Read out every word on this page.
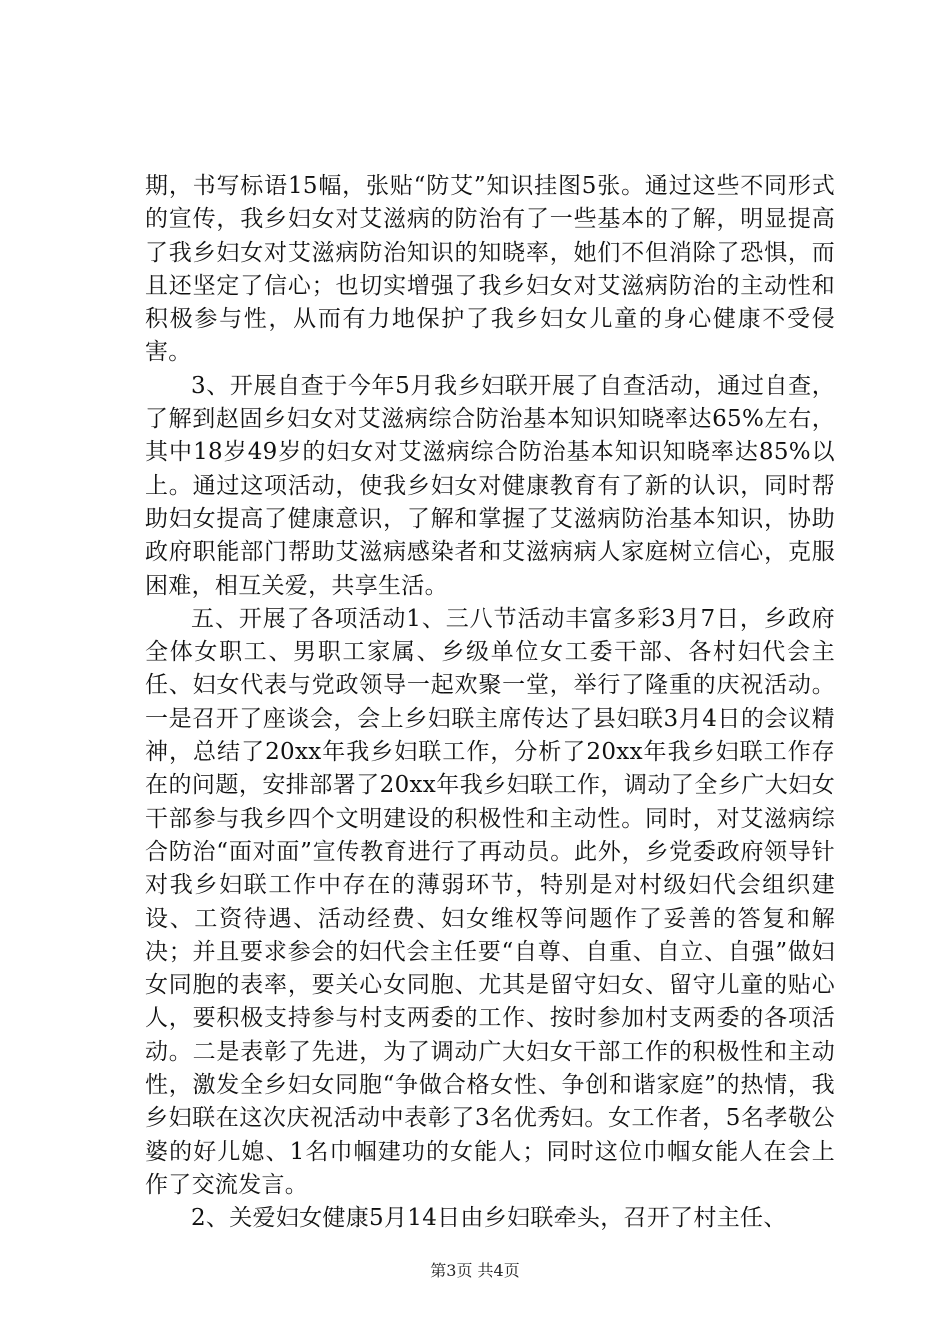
期，书写标语15幅，张贴“防艾”知识挂图5张。通过这些不同形式的宣传，我乡妇女对艾滋病的防治有了一些基本的了解，明显提高了我乡妇女对艾滋病防治知识的知晓率，她们不但消除了恐惧，而且还坚定了信心；也切实增强了我乡妇女对艾滋病防治的主动性和积极参与性，从而有力地保护了我乡妇女儿童的身心健康不受侵害。

3、开展自查于今年5月我乡妇联开展了自查活动，通过自查，了解到赵固乡妇女对艾滋病综合防治基本知识知晓率达65%左右，其中18岁49岁的妇女对艾滋病综合防治基本知识知晓率达85%以上。通过这项活动，使我乡妇女对健康教育有了新的认识，同时帮助妇女提高了健康意识，了解和掌握了艾滋病防治基本知识，协助政府职能部门帮助艾滋病感染者和艾滋病病人家庭树立信心，克服困难，相互关爱，共享生活。

五、开展了各项活动1、三八节活动丰富多彩3月7日，乡政府全体女职工、男职工家属、乡级单位女工委干部、各村妇代会主任、妇女代表与党政领导一起欢聚一堂，举行了隆重的庆祝活动。一是召开了座谈会，会上乡妇联主席传达了县妇联3月4日的会议精神，总结了20xx年我乡妇联工作，分析了20xx年我乡妇联工作存在的问题，安排部署了20xx年我乡妇联工作，调动了全乡广大妇女干部参与我乡四个文明建设的积极性和主动性。同时，对艾滋病综合防治“面对面”宣传教育进行了再动员。此外，乡党委政府领导针对我乡妇联工作中存在的薄弱环节，特别是对村级妇代会组织建设、工资待遇、活动经费、妇女维权等问题作了妥善的答复和解决；并且要求参会的妇代会主任要“自尊、自重、自立、自强”做妇女同胞的表率，要关心女同胞、尤其是留守妇女、留守儿童的贴心人，要积极支持参与村支两委的工作、按时参加村支两委的各项活动。二是表彰了先进，为了调动广大妇女干部工作的积极性和主动性，激发全乡妇女同胞“争做合格女性、争创和谐家庭”的热情，我乡妇联在这次庆祝活动中表彰了3名优秀妇。女工作者，5名孝敬公婆的好儿媳、1名巾帼建功的女能人；同时这位巾帼女能人在会上作了交流发言。

2、关爱妇女健康5月14日由乡妇联牵头，召开了村主任、

第3页 共4页
